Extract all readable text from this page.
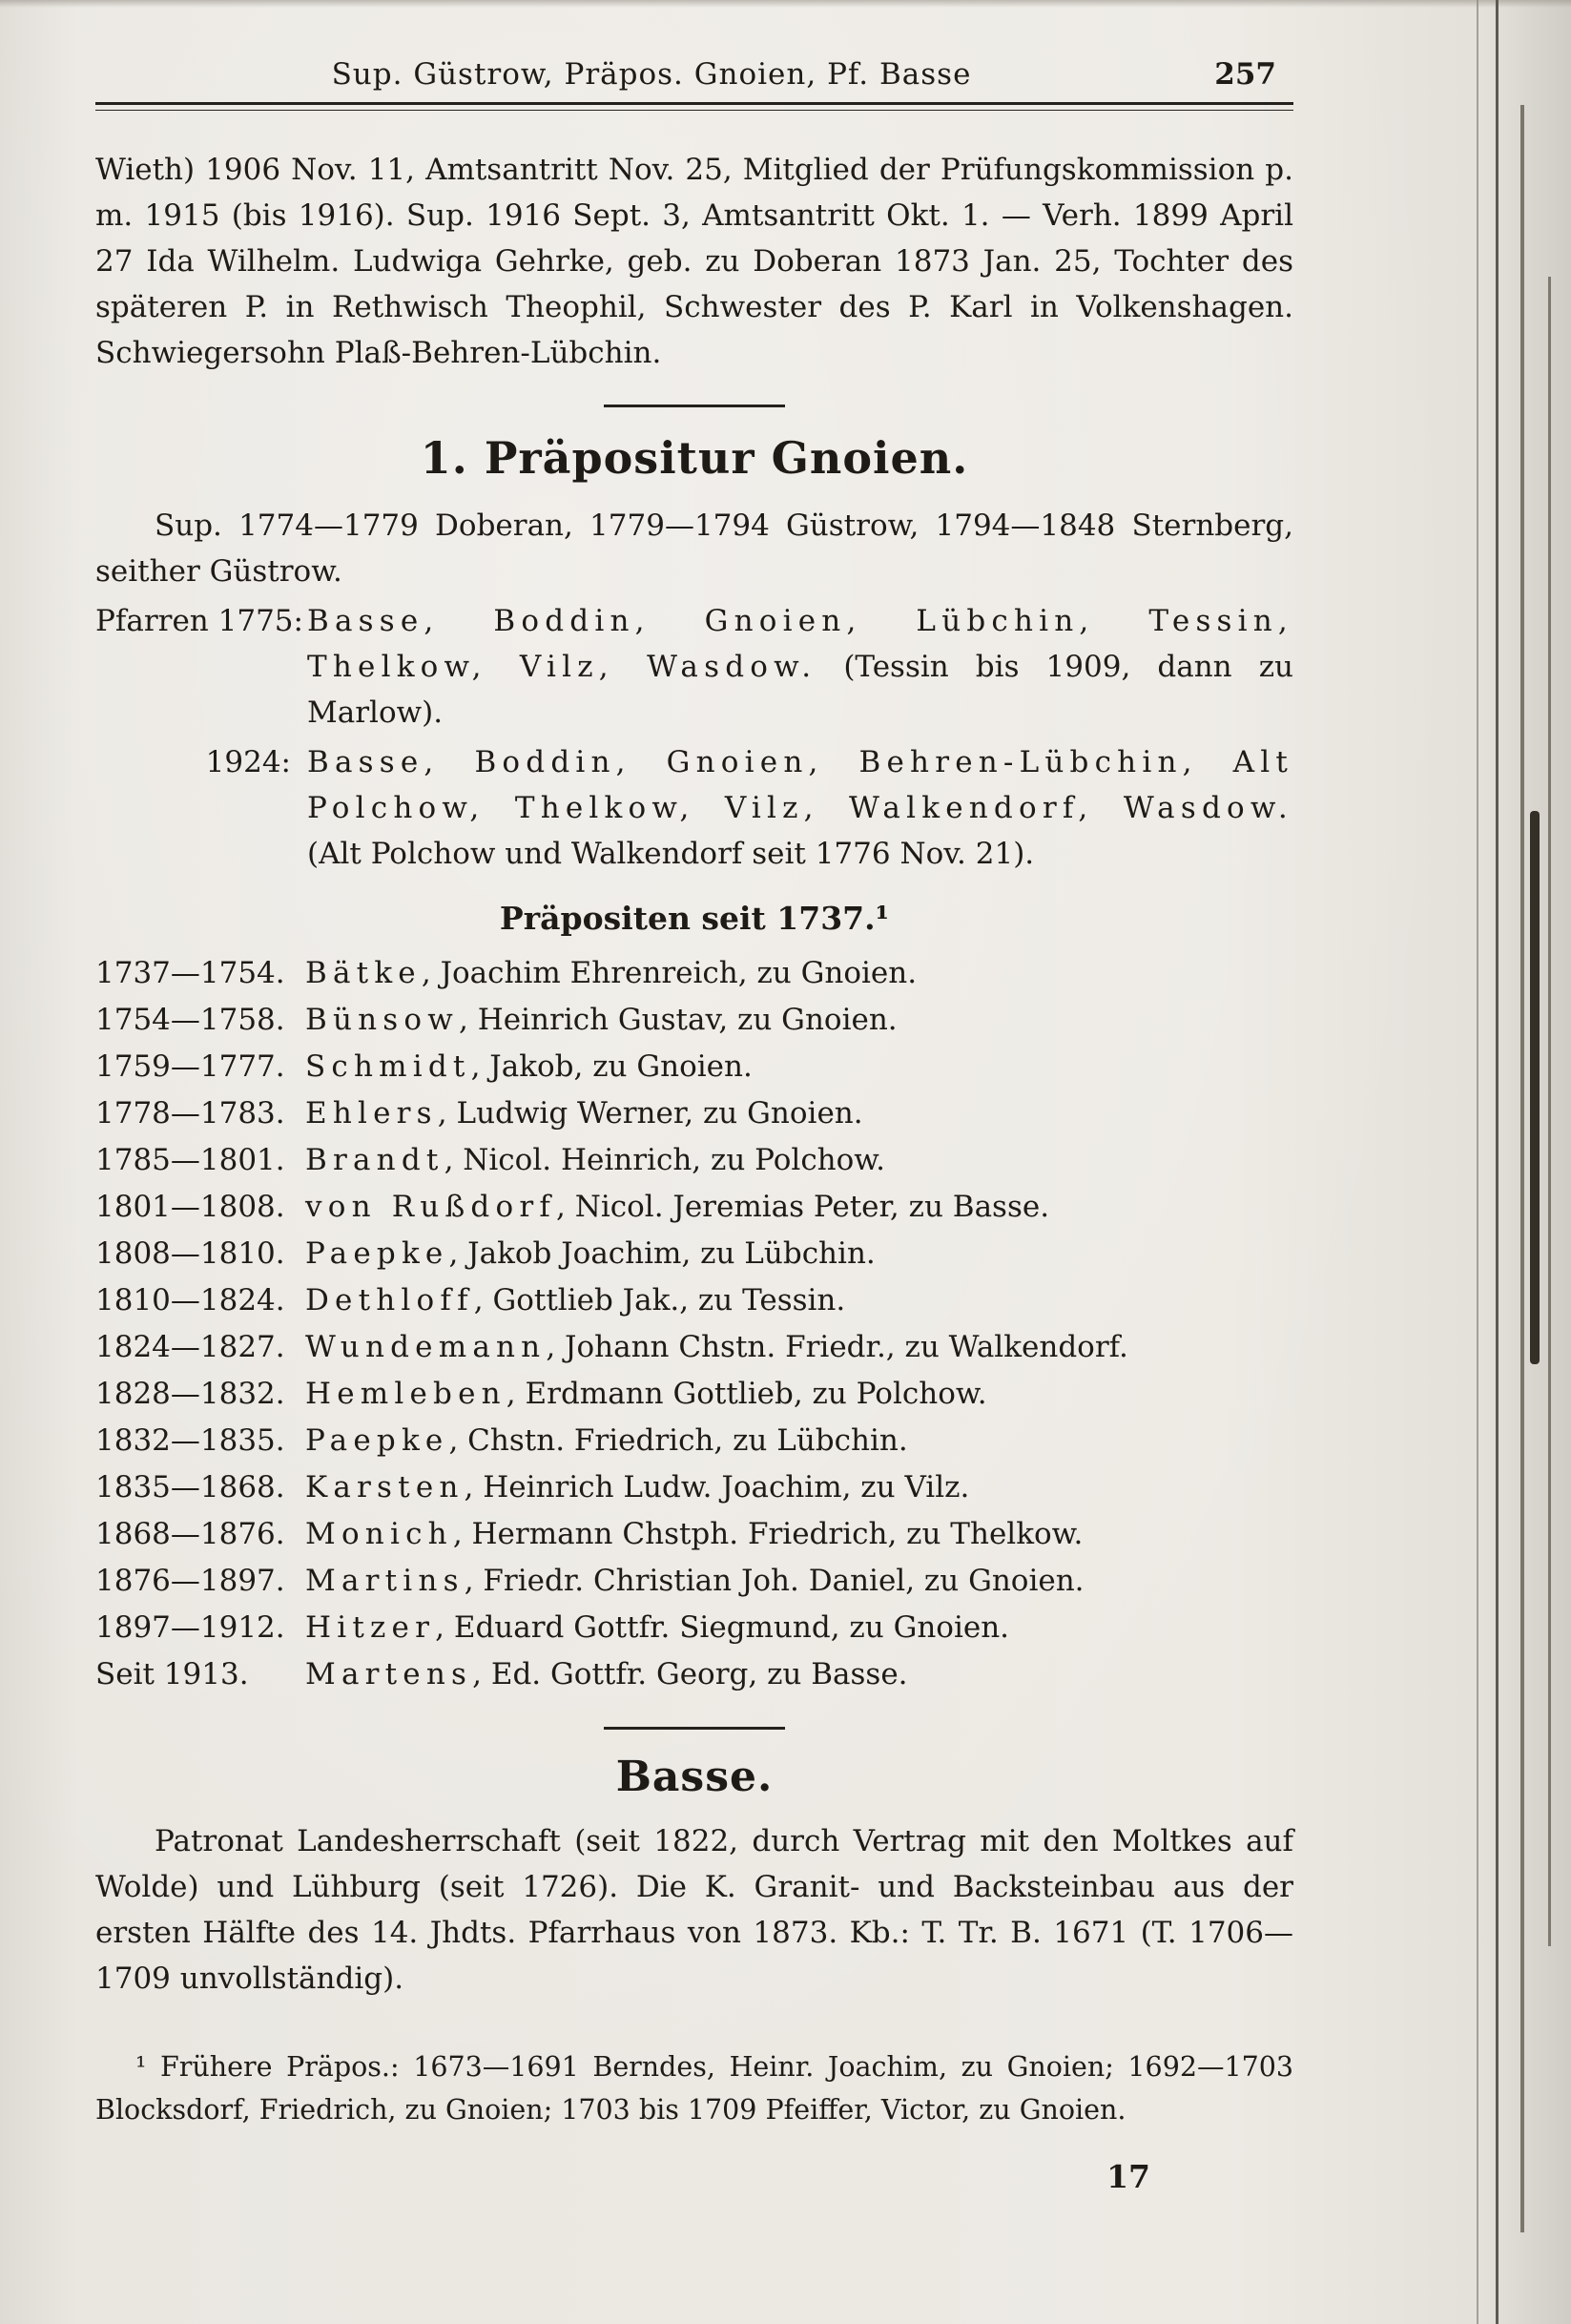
Sup. Güstrow, Präpos. Gnoien, Pf. Basse	257

Wieth) 1906 Nov. 11, Amtsantritt Nov. 25, Mitglied der Prüfungskommission p. m. 1915 (bis 1916). Sup. 1916 Sept. 3, Amtsantritt Okt. 1. — Verh. 1899 April 27 Ida Wilhelm. Ludwiga Gehrke, geb. zu Doberan 1873 Jan. 25, Tochter des späteren P. in Rethwisch Theophil, Schwester des P. Karl in Volkenshagen. Schwiegersohn Plaß-Behren-Lübchin.

1. Präpositur Gnoien.

Sup. 1774—1779 Doberan, 1779—1794 Güstrow, 1794—1848 Sternberg, seither Güstrow.

Pfarren 1775: Basse, Boddin, Gnoien, Lübchin, Tessin, Thelkow, Vilz, Wasdow. (Tessin bis 1909, dann zu Marlow).
1924: Basse, Boddin, Gnoien, Behren-Lübchin, Alt Polchow, Thelkow, Vilz, Walkendorf, Wasdow. (Alt Polchow und Walkendorf seit 1776 Nov. 21).
Präpositen seit 1737.¹
1737—1754. Bätke, Joachim Ehrenreich, zu Gnoien.
1754—1758. Bünsow, Heinrich Gustav, zu Gnoien.
1759—1777. Schmidt, Jakob, zu Gnoien.
1778—1783. Ehlers, Ludwig Werner, zu Gnoien.
1785—1801. Brandt, Nicol. Heinrich, zu Polchow.
1801—1808. von Rußdorf, Nicol. Jeremias Peter, zu Basse.
1808—1810. Paepke, Jakob Joachim, zu Lübchin.
1810—1824. Dethloff, Gottlieb Jak., zu Tessin.
1824—1827. Wundemann, Johann Chstn. Friedr., zu Walkendorf.
1828—1832. Hemleben, Erdmann Gottlieb, zu Polchow.
1832—1835. Paepke, Chstn. Friedrich, zu Lübchin.
1835—1868. Karsten, Heinrich Ludw. Joachim, zu Vilz.
1868—1876. Monich, Hermann Chstph. Friedrich, zu Thelkow.
1876—1897. Martins, Friedr. Christian Joh. Daniel, zu Gnoien.
1897—1912. Hitzer, Eduard Gottfr. Siegmund, zu Gnoien.
Seit 1913.	Martens, Ed. Gottfr. Georg, zu Basse.
Basse.

Patronat Landesherrschaft (seit 1822, durch Vertrag mit den Moltkes auf Wolde) und Lühburg (seit 1726). Die K. Granit- und Backsteinbau aus der ersten Hälfte des 14. Jhdts. Pfarrhaus von 1873. Kb.: T. Tr. B. 1671 (T. 1706—1709 unvollständig).

¹ Frühere Präpos.: 1673—1691 Berndes, Heinr. Joachim, zu Gnoien; 1692—1703 Blocksdorf, Friedrich, zu Gnoien; 1703 bis 1709 Pfeiffer, Victor, zu Gnoien.

17
